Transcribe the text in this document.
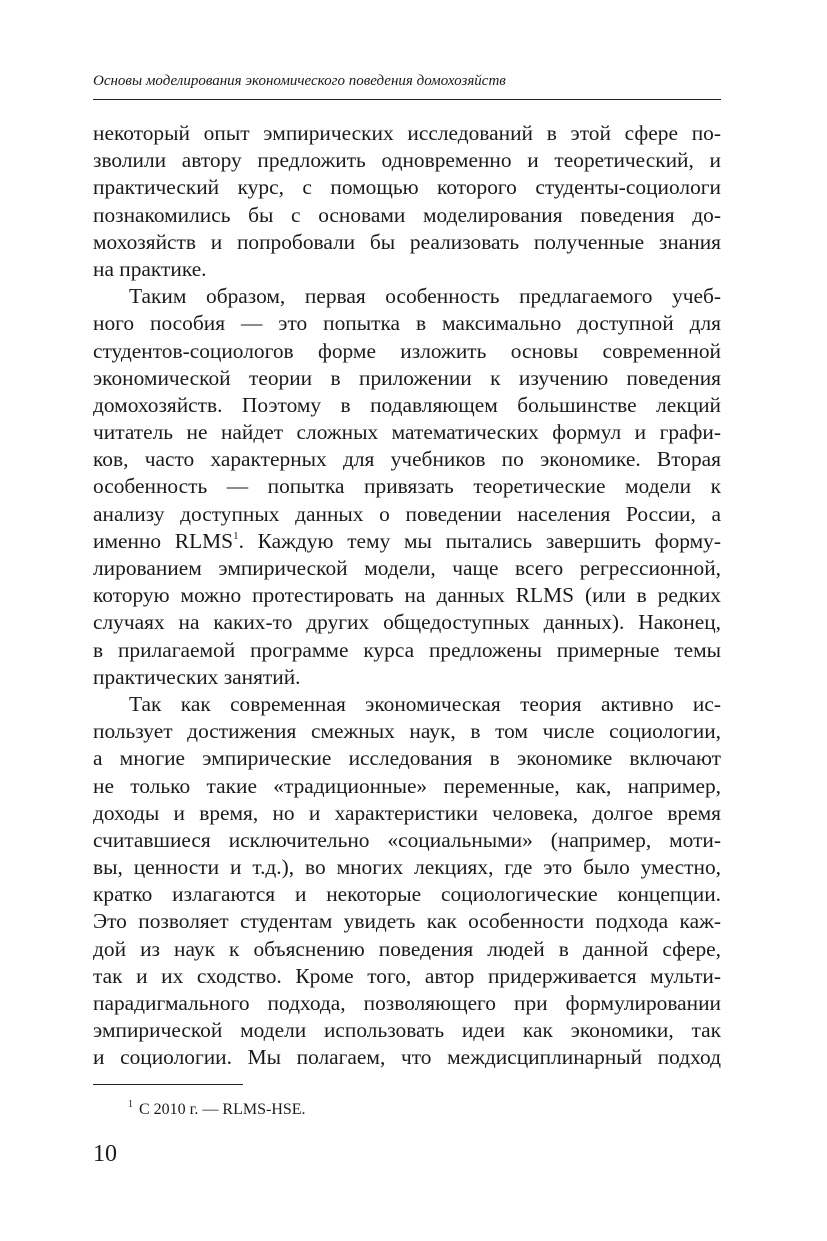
Основы моделирования экономического поведения домохозяйств
некоторый опыт эмпирических исследований в этой сфере по-
зволили автору предложить одновременно и теоретический, и
практический курс, с помощью которого студенты-социологи
познакомились бы с основами моделирования поведения до-
мохозяйств и попробовали бы реализовать полученные знания
на практике.
Таким образом, первая особенность предлагаемого учеб-
ного пособия — это попытка в максимально доступной для
студентов-социологов форме изложить основы современной
экономической теории в приложении к изучению поведения
домохозяйств. Поэтому в подавляющем большинстве лекций
читатель не найдет сложных математических формул и графи-
ков, часто характерных для учебников по экономике. Вторая
особенность — попытка привязать теоретические модели к
анализу доступных данных о поведении населения России, а
именно RLMS$^1$. Каждую тему мы пытались завершить форму-
лированием эмпирической модели, чаще всего регрессионной,
которую можно протестировать на данных RLMS (или в редких
случаях на каких-то других общедоступных данных). Наконец,
в прилагаемой программе курса предложены примерные темы
практических занятий.
Так как современная экономическая теория активно ис-
пользует достижения смежных наук, в том числе социологии,
а многие эмпирические исследования в экономике включают
не только такие «традиционные» переменные, как, например,
доходы и время, но и характеристики человека, долгое время
считавшиеся исключительно «социальными» (например, моти-
вы, ценности и т.д.), во многих лекциях, где это было уместно,
кратко излагаются и некоторые социологические концепции.
Это позволяет студентам увидеть как особенности подхода каж-
дой из наук к объяснению поведения людей в данной сфере,
так и их сходство. Кроме того, автор придерживается мульти-
парадигмального подхода, позволяющего при формулировании
эмпирической модели использовать идеи как экономики, так
и социологии. Мы полагаем, что междисциплинарный подход
$^1$ С 2010 г. — RLMS-HSE.
10
